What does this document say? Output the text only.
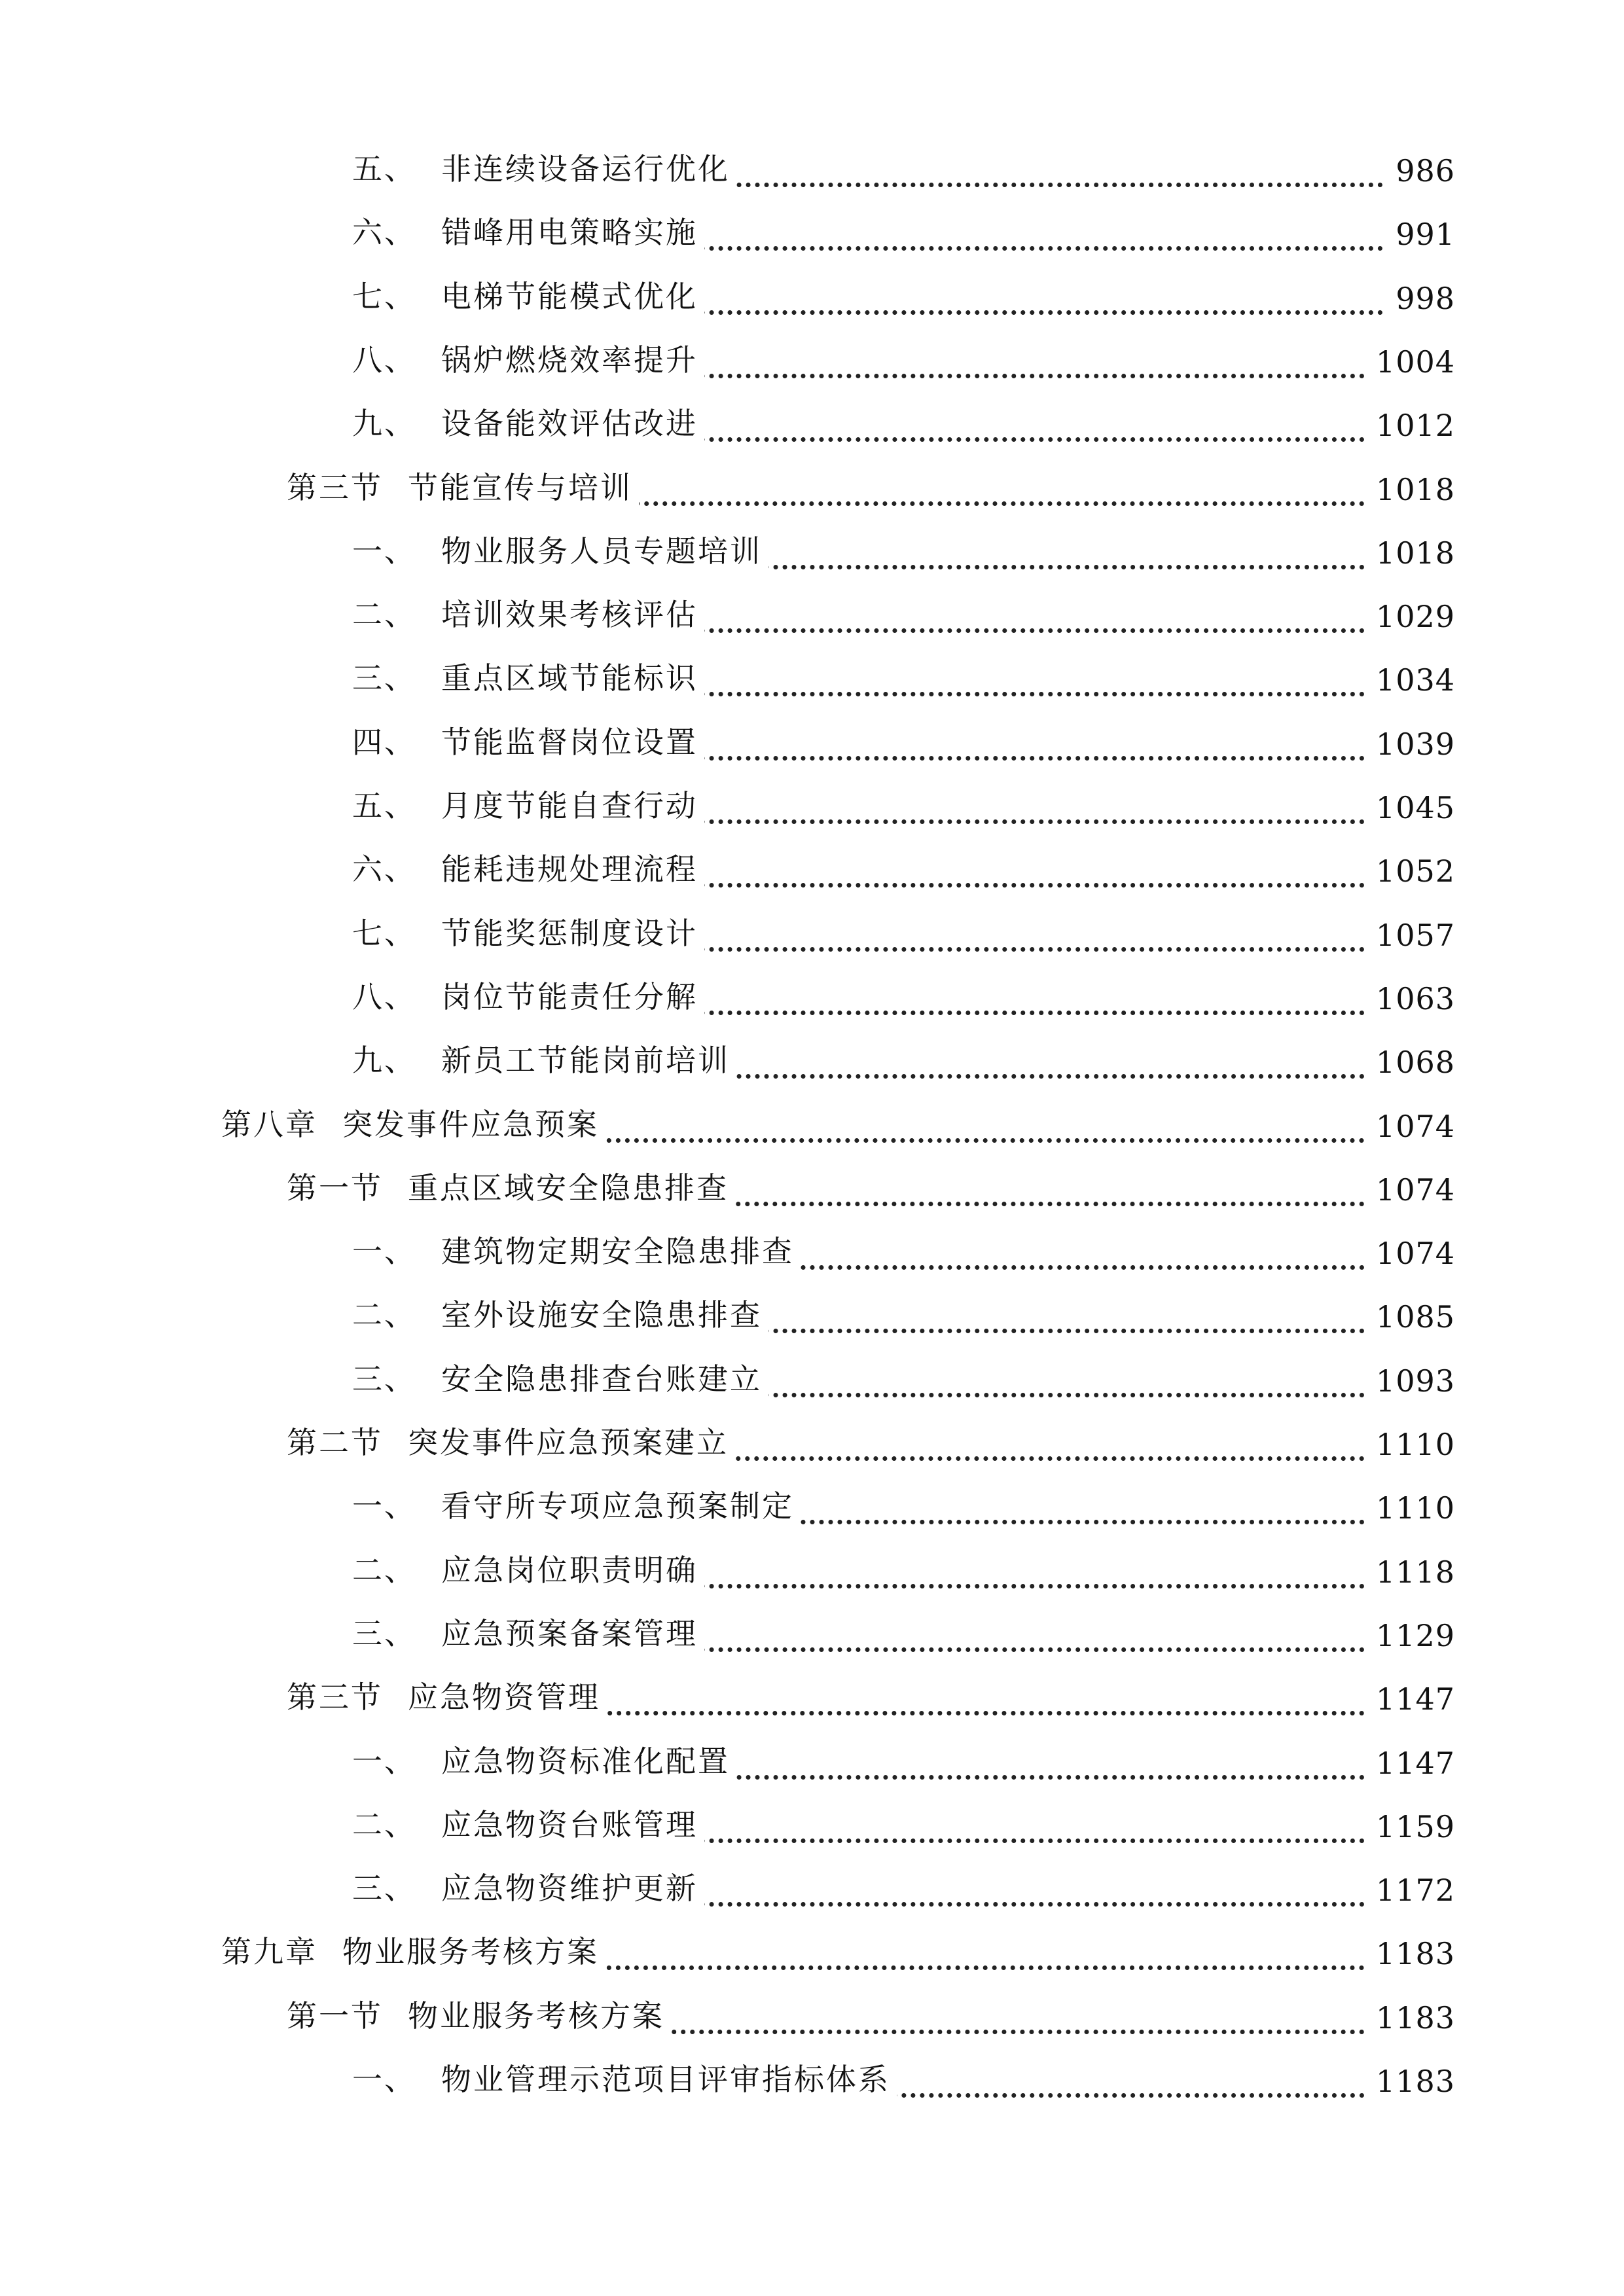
五、 非连续设备运行优化	986
六、 错峰用电策略实施	991
七、 电梯节能模式优化	998
八、 锅炉燃烧效率提升	1004
九、 设备能效评估改进	1012
第三节 节能宣传与培训	1018
一、 物业服务人员专题培训	1018
二、 培训效果考核评估	1029
三、 重点区域节能标识	1034
四、 节能监督岗位设置	1039
五、 月度节能自查行动	1045
六、 能耗违规处理流程	1052
七、 节能奖惩制度设计	1057
八、 岗位节能责任分解	1063
九、 新员工节能岗前培训	1068
第八章 突发事件应急预案	1074
第一节 重点区域安全隐患排查	1074
一、 建筑物定期安全隐患排查	1074
二、 室外设施安全隐患排查	1085
三、 安全隐患排查台账建立	1093
第二节 突发事件应急预案建立	1110
一、 看守所专项应急预案制定	1110
二、 应急岗位职责明确	1118
三、 应急预案备案管理	1129
第三节 应急物资管理	1147
一、 应急物资标准化配置	1147
二、 应急物资台账管理	1159
三、 应急物资维护更新	1172
第九章 物业服务考核方案	1183
第一节 物业服务考核方案	1183
一、 物业管理示范项目评审指标体系	1183
